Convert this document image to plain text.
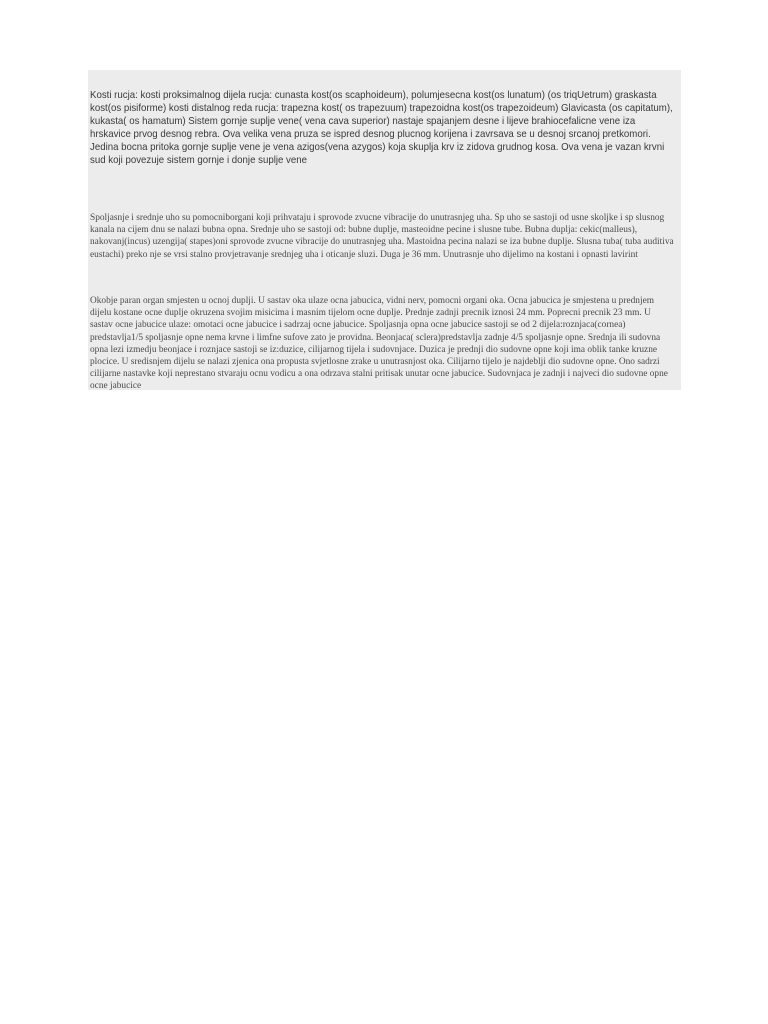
Kosti rucja: kosti proksimalnog dijela rucja: cunasta kost(os scaphoideum), polumjesecna kost(os lunatum) (os triqUetrum) graskasta kost(os pisiforme) kosti distalnog reda rucja: trapezna kost( os trapezuum) trapezoidna kost(os trapezoideum) Glavicasta (os capitatum), kukasta( os hamatum) Sistem gornje suplje vene( vena cava superior) nastaje spajanjem desne i lijeve brahiocefalicne vene iza hrskavice prvog desnog rebra. Ova velika vena pruza se ispred desnog plucnog korijena i zavrsava se u desnoj srcanoj pretkomori. Jedina bocna pritoka gornje suplje vene je vena azigos(vena azygos) koja skuplja krv iz zidova grudnog kosa. Ova vena je vazan krvni sud koji povezuje sistem gornje i donje suplje vene

Spoljasnje i srednje uho su pomocniborgani koji prihvataju i sprovode zvucne vibracije do unutrasnjeg uha. Sp uho se sastoji od usne skoljke i sp slusnog kanala na cijem dnu se nalazi bubna opna. Srednje uho se sastoji od: bubne duplje, masteoidne pecine i slusne tube. Bubna duplja: cekic(malleus), nakovanj(incus) uzengija( stapes)oni sprovode zvucne vibracije do unutrasnjeg uha. Mastoidna pecina nalazi se iza bubne duplje. Slusna tuba( tuba auditiva eustachi) preko nje se vrsi stalno provjetravanje srednjeg uha i oticanje sluzi. Duga je 36 mm. Unutrasnje uho dijelimo na kostani i opnasti lavirint

Okobje paran organ smjesten u ocnoj duplji. U sastav oka ulaze ocna jabucica, vidni nerv, pomocni organi oka. Ocna jabucica je smjestena u prednjem dijelu kostane ocne duplje okruzena svojim misicima i masnim tijelom ocne duplje. Prednje zadnji precnik iznosi 24 mm. Poprecni precnik 23 mm. U sastav ocne jabucice ulaze: omotaci ocne jabucice i sadrzaj ocne jabucice. Spoljasnja opna ocne jabucice sastoji se od 2 dijela:roznjaca(cornea) predstavlja1/5 spoljasnje opne nema krvne i limfne sufove zato je providna. Beonjaca( sclera)predstavlja zadnje 4/5 spoljasnje opne. Srednja ili sudovna opna lezi izmedju beonjace i roznjace sastoji se iz:duzice, cilijarnog tijela i sudovnjace. Duzica je prednji dio sudovne opne koji ima oblik tanke kruzne plocice. U sredisnjem dijelu se nalazi zjenica ona propusta svjetlosne zrake u unutrasnjost oka. Cilijarno tijelo je najdeblji dio sudovne opne. Ono sadrzi cilijarne nastavke koji neprestano stvaraju ocnu vodicu a ona odrzava stalni pritisak unutar ocne jabucice. Sudovnjaca je zadnji i najveci dio sudovne opne ocne jabucice
